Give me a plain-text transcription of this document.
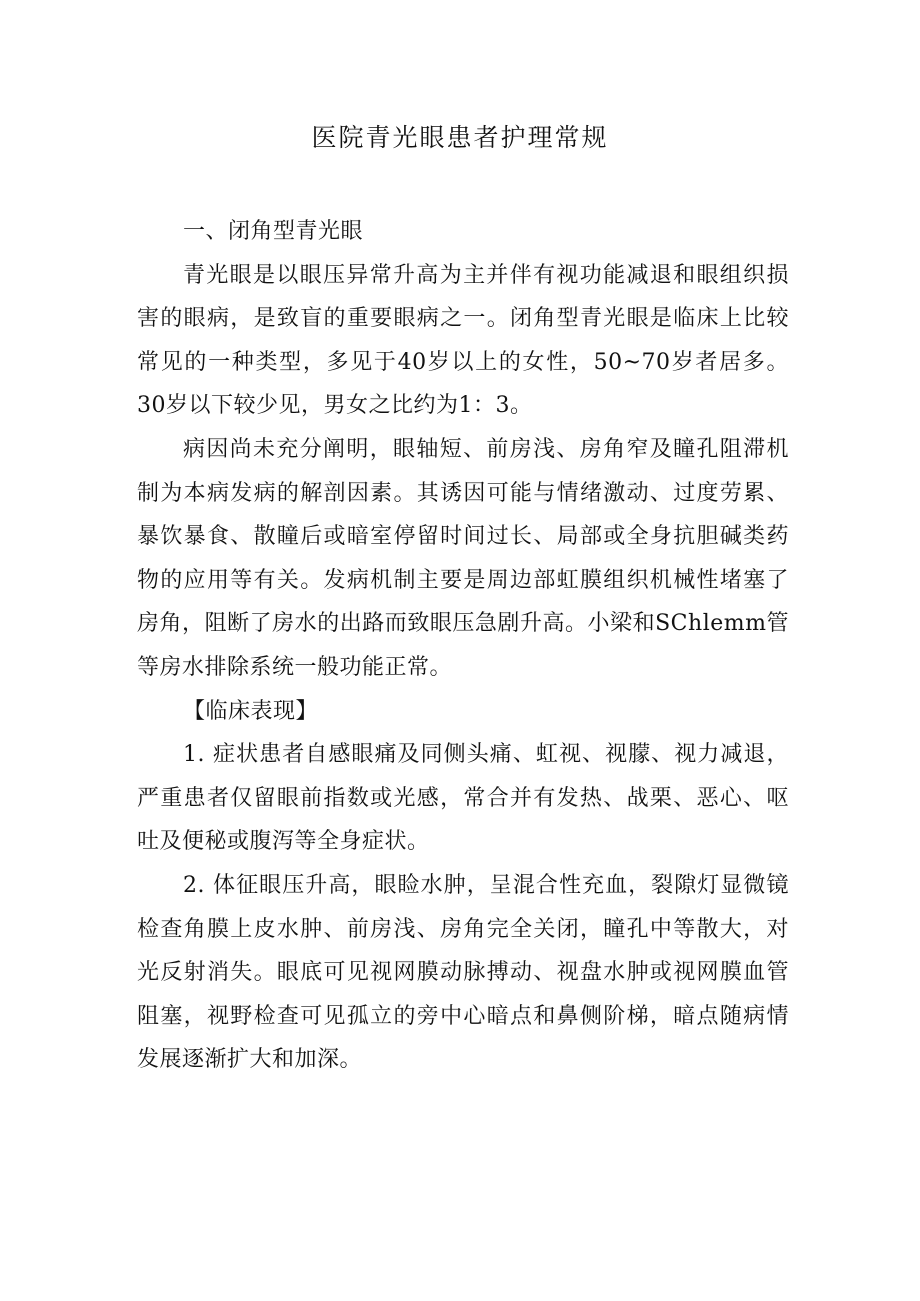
医院青光眼患者护理常规

一、闭角型青光眼

青光眼是以眼压异常升高为主并伴有视功能减退和眼组织损害的眼病，是致盲的重要眼病之一。闭角型青光眼是临床上比较常见的一种类型，多见于40岁以上的女性，50~70岁者居多。30岁以下较少见，男女之比约为1：3。

病因尚未充分阐明，眼轴短、前房浅、房角窄及瞳孔阻滞机制为本病发病的解剖因素。其诱因可能与情绪激动、过度劳累、暴饮暴食、散瞳后或暗室停留时间过长、局部或全身抗胆碱类药物的应用等有关。发病机制主要是周边部虹膜组织机械性堵塞了房角，阻断了房水的出路而致眼压急剧升高。小梁和SChlemm管等房水排除系统一般功能正常。

【临床表现】

1. 症状患者自感眼痛及同侧头痛、虹视、视朦、视力减退，严重患者仅留眼前指数或光感，常合并有发热、战栗、恶心、呕吐及便秘或腹泻等全身症状。

2. 体征眼压升高，眼睑水肿，呈混合性充血，裂隙灯显微镜检查角膜上皮水肿、前房浅、房角完全关闭，瞳孔中等散大，对光反射消失。眼底可见视网膜动脉搏动、视盘水肿或视网膜血管阻塞，视野检查可见孤立的旁中心暗点和鼻侧阶梯，暗点随病情发展逐渐扩大和加深。
